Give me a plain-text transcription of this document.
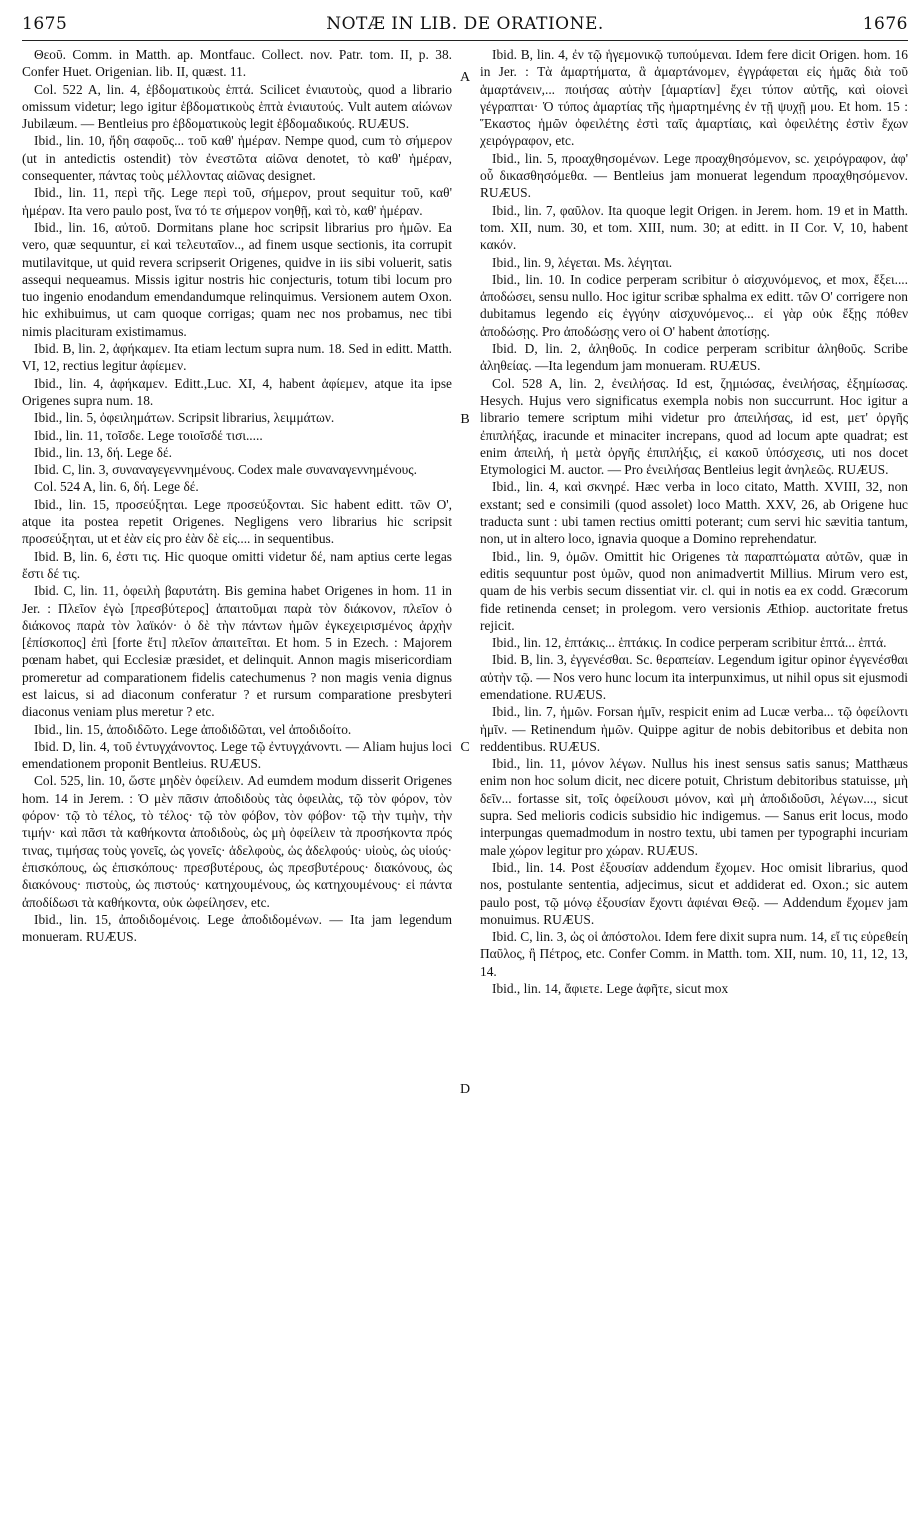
1675	NOTÆ IN LIB. DE ORATIONE.	1676

Θεοῦ. Comm. in Matth. ap. Montfauc. Collect. nov. Patr. tom. II, p. 38. Confer Huet. Origenian. lib. II, quæst. 11.

Col. 522 A, lin. 4, ἑβδοματικοὺς ἑπτά. Scilicet ἐνιαυτοὺς, quod a librario omissum videtur; lego igitur ἑβδοματικοὺς ἑπτὰ ἐνιαυτούς. Vult autem αἰώνων Jubilæum. — Bentleius pro ἑβδοματικοὺς legit ἑβδομαδικούς. RUÆUS.

Ibid., lin. 10, ἤδη σαφοῦς... τοῦ καθ' ἡμέραν. Nempe quod, cum τὸ σήμερον (ut in antedictis ostendit) τὸν ἐνεστῶτα αἰῶνα denotet, τὸ καθ' ἡμέραν, consequenter, πάντας τοὺς μέλλοντας αἰῶνας designet.

Ibid., lin. 11, περὶ τῆς. Lege περὶ τοῦ, σήμερον, prout sequitur τοῦ, καθ' ἡμέραν. Ita vero paulo post, ἵνα τό τε σήμερον νοηθῇ, καὶ τὸ, καθ' ἡμέραν.

Ibid., lin. 16, αὐτοῦ. Dormitans plane hoc scripsit librarius pro ἡμῶν. Ea vero, quæ sequuntur, εἰ καὶ τελευταῖον.., ad finem usque sectionis, ita corrupit mutilavitque, ut quid revera scripserit Origenes, quidve in iis sibi voluerit, satis assequi nequeamus. Missis igitur nostris hic conjecturis, totum tibi locum pro tuo ingenio enodandum emendandumque relinquimus. Versionem autem Oxon. hic exhibuimus, ut cam quoque corrigas; quam nec nos probamus, nec tibi nimis placituram existimamus.

Ibid. B, lin. 2, ἀφήκαμεν. Ita etiam lectum supra num. 18. Sed in editt. Matth. VI, 12, rectius legitur ἀφίεμεν.

Ibid., lin. 4, ἀφήκαμεν. Editt.,Luc. XI, 4, habent ἀφίεμεν, atque ita ipse Origenes supra num. 18.

Ibid., lin. 5, ὀφειλημάτων. Scripsit librarius, λειμμάτων.

Ibid., lin. 11, τοῖσδε. Lege τοιοῖσδέ τισι.....

Ibid., lin. 13, δή. Lege δέ.

Ibid. C, lin. 3, συναναγεγεννημένους. Codex male συναναγεννημένους.

Col. 524 A, lin. 6, δή. Lege δέ.

Ibid., lin. 15, προσεύξηται. Lege προσεύξονται. Sic habent editt. τῶν Ο', atque ita postea repetit Origenes. Negligens vero librarius hic scripsit προσεύξηται, ut et ἐὰν εἰς pro ἐὰν δὲ εἰς.... in sequentibus.

Ibid. B, lin. 6, ἐστι τις. Hic quoque omitti videtur δέ, nam aptius certe legas ἔστι δέ τις.

Ibid. C, lin. 11, ὀφειλὴ βαρυτάτη. Bis gemina habet Origenes in hom. 11 in Jer. : Πλεῖον ἐγὼ [πρεσβύτερος] ἀπαιτοῦμαι παρὰ τὸν διάκονον, πλεῖον ὁ διάκονος παρὰ τὸν λαϊκόν· ὁ δὲ τὴν πάντων ἡμῶν ἐγκεχειρισμένος ἀρχὴν [ἐπίσκοπος] ἐπὶ [forte ἔτι] πλεῖον ἀπαιτεῖται. Et hom. 5 in Ezech. : Majorem pœnam habet, qui Ecclesiæ præsidet, et delinquit. Annon magis misericordiam promeretur ad comparationem fidelis catechumenus ? non magis venia dignus est laicus, si ad diaconum conferatur ? et rursum comparatione presbyteri diaconus veniam plus meretur ? etc.

Ibid., lin. 15, ἀποδιδῶτο. Lege ἀποδιδῶται, vel ἀποδιδοίτο.

Ibid. D, lin. 4, τοῦ ἐντυγχάνοντος. Lege τῷ ἐντυγχάνοντι. — Aliam hujus loci emendationem proponit Bentleius. RUÆUS.

Col. 525, lin. 10, ὥστε μηδὲν ὀφείλειν. Ad eumdem modum disserit Origenes hom. 14 in Jerem. : Ὁ μὲν πᾶσιν ἀποδιδοὺς τὰς ὀφειλὰς, τῷ τὸν φόρον, τὸν φόρον· τῷ τὸ τέλος, τὸ τέλος· τῷ τὸν φόβον, τὸν φόβον· τῷ τὴν τιμὴν, τὴν τιμήν· καὶ πᾶσι τὰ καθήκοντα ἀποδιδοὺς, ὡς μὴ ὀφείλειν τὰ προσήκοντα πρός τινας, τιμήσας τοὺς γονεῖς, ὡς γονεῖς· ἀδελφοὺς, ὡς ἀδελφούς· υἱοὺς, ὡς υἱούς· ἐπισκόπους, ὡς ἐπισκόπους· πρεσβυτέρους, ὡς πρεσβυτέρους· διακόνους, ὡς διακόνους· πιστοὺς, ὡς πιστούς· κατηχουμένους, ὡς κατηχουμένους· εἰ πάντα ἀποδίδωσι τὰ καθήκοντα, οὐκ ὠφείλησεν, etc.

Ibid., lin. 15, ἀποδιδομένοις. Lege ἀποδιδομένων. — Ita jam legendum monueram. RUÆUS.

A
B
C
D

Ibid. B, lin. 4, ἐν τῷ ἡγεμονικῷ τυπούμεναι. Idem fere dicit Origen. hom. 16 in Jer. : Τὰ ἁμαρτήματα, ἃ ἁμαρτάνομεν, ἐγγράφεται εἰς ἡμᾶς διὰ τοῦ ἁμαρτάνειν,... ποιήσας αὐτὴν [ἁμαρτίαν] ἔχει τύπον αὐτῆς, καὶ οἱονεὶ γέγραπται· Ὁ τύπος ἁμαρτίας τῆς ἡμαρτημένης ἐν τῇ ψυχῇ μου. Et hom. 15 : Ἕκαστος ἡμῶν ὀφειλέτης ἐστὶ ταῖς ἁμαρτίαις, καὶ ὀφειλέτης ἐστὶν ἔχων χειρόγραφον, etc.

Ibid., lin. 5, προαχθησομένων. Lege προαχθησόμενον, sc. χειρόγραφον, ἀφ' οὗ δικασθησόμεθα. — Bentleius jam monuerat legendum προαχθησόμενον. RUÆUS.

Ibid., lin. 7, φαῦλον. Ita quoque legit Origen. in Jerem. hom. 19 et in Matth. tom. XII, num. 30, et tom. XIII, num. 30; at editt. in II Cor. V, 10, habent κακόν.

Ibid., lin. 9, λέγεται. Ms. λέγηται.

Ibid., lin. 10. In codice perperam scribitur ὁ αἰσχυνόμενος, et mox, ἔξει.... ἀποδώσει, sensu nullo. Hoc igitur scribæ sphalma ex editt. τῶν Ο' corrigere non dubitamus legendo εἰς ἐγγύην αἰσχυνόμενος... εἰ γὰρ οὐκ ἔξῃς πόθεν ἀποδώσῃς. Pro ἀποδώσῃς vero οἱ Ο' habent ἀποτίσῃς.

Ibid. D, lin. 2, ἀληθοῦς. In codice perperam scribitur ἀληθοῦς. Scribe ἀληθείας. —Ita legendum jam monueram. RUÆUS.

Col. 528 A, lin. 2, ἐνειλήσας. Id est, ζημιώσας, ἐνειλήσας, ἐξημίωσας. Hesych. Hujus vero significatus exempla nobis non succurrunt. Hoc igitur a librario temere scriptum mihi videtur pro ἀπειλήσας, id est, μετ' ὀργῆς ἐπιπλήξας, iracunde et minaciter increpans, quod ad locum apte quadrat; est enim ἀπειλή, ἡ μετὰ ὀργῆς ἐπιπλήξις, εἰ κακοῦ ὑπόσχεσις, uti nos docet Etymologici M. auctor. — Pro ἐνειλήσας Bentleius legit ἀνηλεῶς. RUÆUS.

Ibid., lin. 4, καὶ σκνηρέ. Hæc verba in loco citato, Matth. XVIII, 32, non exstant; sed e consimili (quod assolet) loco Matth. XXV, 26, ab Origene huc traducta sunt : ubi tamen rectius omitti poterant; cum servi hic sævitia tantum, non, ut in altero loco, ignavia quoque a Domino reprehendatur.

Ibid., lin. 9, ὀμῶν. Omittit hic Origenes τὰ παραπτώματα αὐτῶν, quæ in editis sequuntur post ὑμῶν, quod non animadvertit Millius. Mirum vero est, quam de his verbis secum dissentiat vir. cl. qui in notis ea ex codd. Græcorum fide retinenda censet; in prolegom. vero versionis Æthiop. auctoritate fretus rejicit.

Ibid., lin. 12, ἑπτάκις... ἑπτάκις. In codice perperam scribitur ἑπτά... ἑπτά.

Ibid. B, lin. 3, ἐγγενέσθαι. Sc. θεραπείαν. Legendum igitur opinor ἐγγενέσθαι αὐτὴν τῷ. — Nos vero hunc locum ita interpunximus, ut nihil opus sit ejusmodi emendatione. RUÆUS.

Ibid., lin. 7, ἡμῶν. Forsan ἡμῖν, respicit enim ad Lucæ verba... τῷ ὀφείλοντι ἡμῖν. — Retinendum ἡμῶν. Quippe agitur de nobis debitoribus et debita non reddentibus. RUÆUS.

Ibid., lin. 11, μόνον λέγων. Nullus his inest sensus satis sanus; Matthæus enim non hoc solum dicit, nec dicere potuit, Christum debitoribus statuisse, μὴ δεῖν... fortasse sit, τοῖς ὀφείλουσι μόνον, καὶ μὴ ἀποδιδοῦσι, λέγων..., sicut supra. Sed melioris codicis subsidio hic indigemus. — Sanus erit locus, modo interpungas quemadmodum in nostro textu, ubi tamen per typographi incuriam male χώρον legitur pro χώραν. RUÆUS.

Ibid., lin. 14. Post ἐξουσίαν addendum ἔχομεν. Hoc omisit librarius, quod nos, postulante sententia, adjecimus, sicut et addiderat ed. Oxon.; sic autem paulo post, τῷ μόνῳ ἐξουσίαν ἔχοντι ἀφιέναι Θεῷ. — Addendum ἔχομεν jam monuimus. RUÆUS.

Ibid. C, lin. 3, ὡς οἱ ἀπόστολοι. Idem fere dixit supra num. 14, εἴ τις εὑρεθείη Παῦλος, ἢ Πέτρος, etc. Confer Comm. in Matth. tom. XII, num. 10, 11, 12, 13, 14.

Ibid., lin. 14, ἄφιετε. Lege ἀφῆτε, sicut mox
